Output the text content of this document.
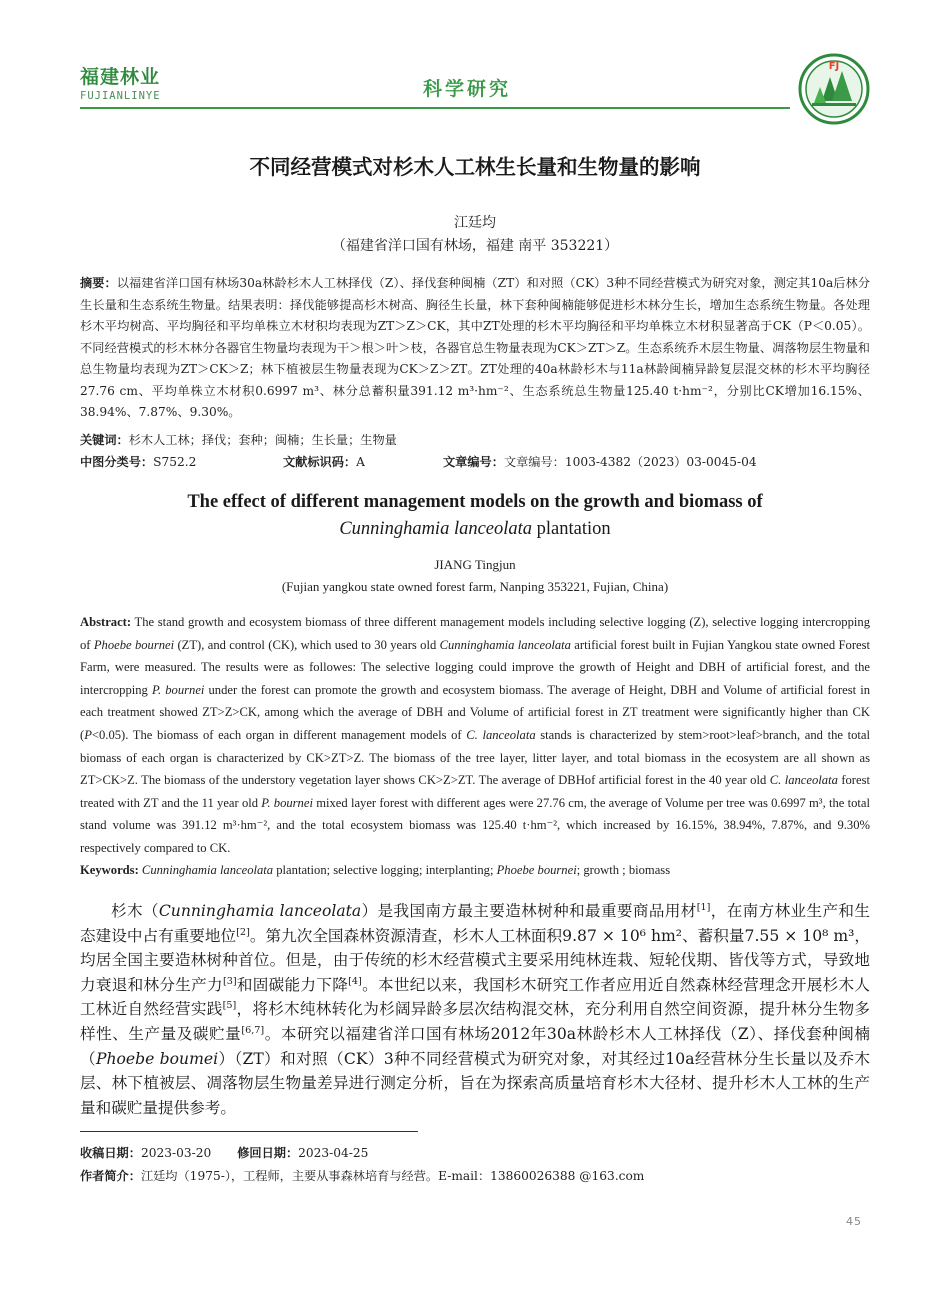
福建林业
FUJIANLINYE	科学研究
FJ
不同经营模式对杉木人工林生长量和生物量的影响
江廷均
（福建省洋口国有林场，福建 南平 353221）
摘要：以福建省洋口国有林场30a林龄杉木人工林择伐（Z）、择伐套种闽楠（ZT）和对照（CK）3种不同经营模式为研究对象，测定其10a后林分生长量和生态系统生物量。结果表明：择伐能够提高杉木树高、胸径生长量，林下套种闽楠能够促进杉木林分生长，增加生态系统生物量。各处理杉木平均树高、平均胸径和平均单株立木材积均表现为ZT＞Z＞CK，其中ZT处理的杉木平均胸径和平均单株立木材积显著高于CK（P＜0.05）。不同经营模式的杉木林分各器官生物量均表现为干＞根＞叶＞枝，各器官总生物量表现为CK＞ZT＞Z。生态系统乔木层生物量、凋落物层生物量和总生物量均表现为ZT＞CK＞Z；林下植被层生物量表现为CK＞Z＞ZT。ZT处理的40a林龄杉木与11a林龄闽楠异龄复层混交林的杉木平均胸径27.76 cm、平均单株立木材积0.6997 m³、林分总蓄积量391.12 m³·hm⁻²、生态系统总生物量125.40 t·hm⁻²，分别比CK增加16.15%、38.94%、7.87%、9.30%。
关键词：杉木人工林；择伐；套种；闽楠；生长量；生物量
中图分类号：S752.2	文献标识码：A	文章编号：文章编号：1003-4382（2023）03-0045-04
The effect of different management models on the growth and biomass of
Cunninghamia lanceolata plantation
JIANG Tingjun
(Fujian yangkou state owned forest farm, Nanping 353221, Fujian, China)
Abstract: The stand growth and ecosystem biomass of three different management models including selective logging (Z), selective logging intercropping of Phoebe bournei (ZT), and control (CK), which used to 30 years old Cunninghamia lanceolata artificial forest built in Fujian Yangkou state owned Forest Farm, were measured. The results were as followes: The selective logging could improve the growth of Height and DBH of artificial forest, and the intercropping P. bournei under the forest can promote the growth and ecosystem biomass. The average of Height, DBH and Volume of artificial forest in each treatment showed ZT>Z>CK, among which the average of DBH and Volume of artificial forest in ZT treatment were significantly higher than CK (P<0.05). The biomass of each organ in different management models of C. lanceolata stands is characterized by stem>root>leaf>branch, and the total biomass of each organ is characterized by CK>ZT>Z. The biomass of the tree layer, litter layer, and total biomass in the ecosystem are all shown as ZT>CK>Z. The biomass of the understory vegetation layer shows CK>Z>ZT. The average of DBHof artificial forest in the 40 year old C. lanceolata forest treated with ZT and the 11 year old P. bournei mixed layer forest with different ages were 27.76 cm, the average of Volume per tree was 0.6997 m³, the total stand volume was 391.12 m³·hm⁻², and the total ecosystem biomass was 125.40 t·hm⁻², which increased by 16.15%, 38.94%, 7.87%, and 9.30% respectively compared to CK.
Keywords: Cunninghamia lanceolata plantation; selective logging; interplanting; Phoebe bournei; growth ; biomass
杉木（Cunninghamia lanceolata）是我国南方最主要造林树种和最重要商品用材[1]，在南方林业生产和生态建设中占有重要地位[2]。第九次全国森林资源清查，杉木人工林面积9.87 × 10⁶ hm²、蓄积量7.55 × 10⁸ m³，均居全国主要造林树种首位。但是，由于传统的杉木经营模式主要采用纯林连栽、短轮伐期、皆伐等方式，导致地力衰退和林分生产力[3]和固碳能力下降[4]。本世纪以来，我国杉木研究工作者应用近自然森林经营理念开展杉木人工林近自然经营实践[5]，将杉木纯林转化为杉阔异龄多层次结构混交林，充分利用自然空间资源，提升林分生物多样性、生产量及碳贮量[6,7]。本研究以福建省洋口国有林场2012年30a林龄杉木人工林择伐（Z）、择伐套种闽楠（Phoebe boumei）（ZT）和对照（CK）3种不同经营模式为研究对象，对其经过10a经营林分生长量以及乔木层、林下植被层、凋落物层生物量差异进行测定分析，旨在为探索高质量培育杉木大径材、提升杉木人工林的生产量和碳贮量提供参考。
收稿日期：2023-03-20 修回日期：2023-04-25
作者简介：江廷均（1975-），工程师，主要从事森林培育与经营。E-mail：13860026388 @163.com
45
